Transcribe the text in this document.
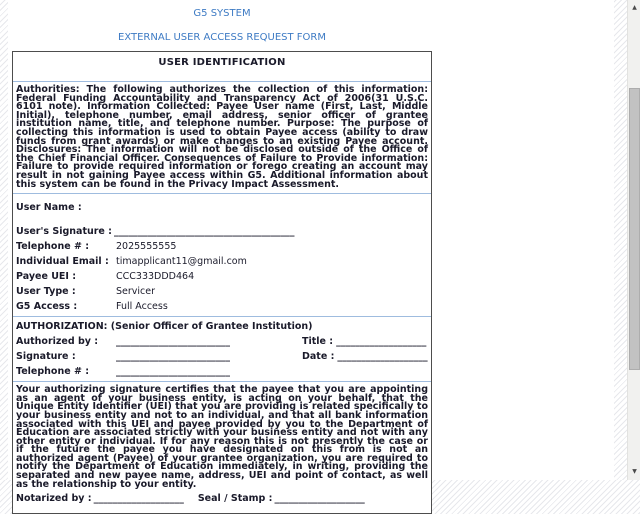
G5 SYSTEM
EXTERNAL USER ACCESS REQUEST FORM
USER IDENTIFICATION
Authorities: The following authorizes the collection of this information: Federal Funding Accountability and Transparency Act of 2006(31 U.S.C. 6101 note). Information Collected: Payee User name (First, Last, Middle Initial), telephone number, email address, senior officer of grantee institution name, title, and telephone number. Purpose: The purpose of collecting this information is used to obtain Payee access (ability to draw funds from grant awards) or make changes to an existing Payee account. Disclosures: The information will not be disclosed outside of the Office of the Chief Financial Officer. Consequences of Failure to Provide information: Failure to provide required information or forego creating an account may result in not gaining Payee access within G5. Additional information about this system can be found in the Privacy Impact Assessment.
User Name :
User's Signature : ______________________________________
Telephone # :	2025555555
Individual Email : timapplicant11@gmail.com
Payee UEI :	CCC333DDD464
User Type :	Servicer
G5 Access :	Full Access
AUTHORIZATION: (Senior Officer of Grantee Institution)
Authorized by :	________________________	Title : ___________________
Signature :	________________________	Date : ___________________
Telephone # :	________________________
Your authorizing signature certifies that the payee that you are appointing as an agent of your business entity, is acting on your behalf, that the Unique Entity Identifier (UEI) that you are providing is related specifically to your business entity and not to an individual, and that all bank information associated with this UEI and payee provided by you to the Department of Education are associated strictly with your business entity and not with any other entity or individual. If for any reason this is not presently the case or if the future the payee you have designated on this from is not an authorized agent (Payee) of your grantee organization, you are required to notify the Department of Education immediately, in writing, providing the separated and new payee name, address, UEI and point of contact, as well as the relationship to your entity.
Notarized by : ___________________ Seal / Stamp : ___________________
▲
▼
